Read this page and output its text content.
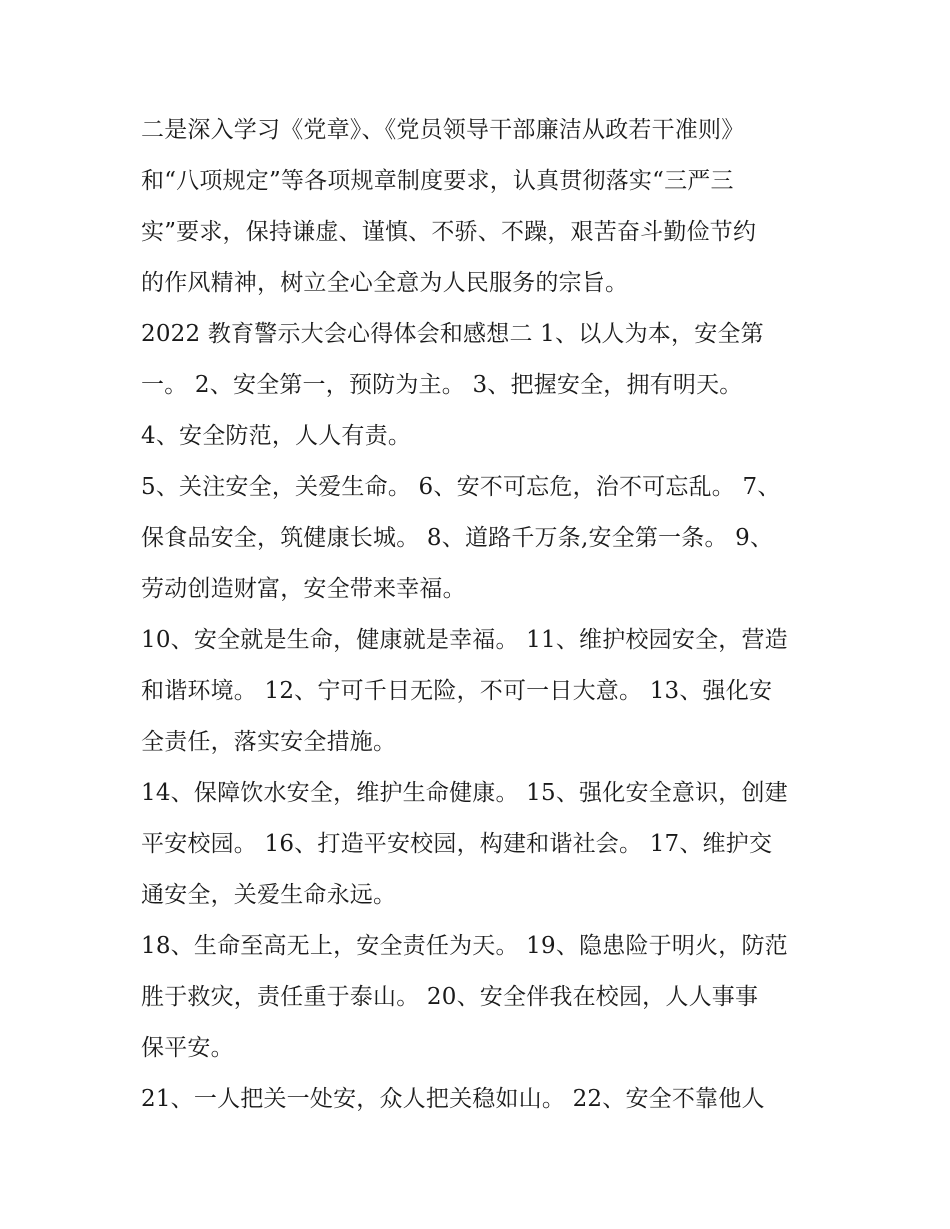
二是深入学习《党章》、《党员领导干部廉洁从政若干准则》
和“八项规定”等各项规章制度要求，认真贯彻落实“三严三
实”要求，保持谦虚、谨慎、不骄、不躁，艰苦奋斗勤俭节约
的作风精神，树立全心全意为人民服务的宗旨。
2022 教育警示大会心得体会和感想二 1、以人为本，安全第
一。 2、安全第一，预防为主。 3、把握安全，拥有明天。
4、安全防范，人人有责。
5、关注安全，关爱生命。 6、安不可忘危，治不可忘乱。 7、
保食品安全，筑健康长城。 8、道路千万条,安全第一条。 9、
劳动创造财富，安全带来幸福。
10、安全就是生命，健康就是幸福。 11、维护校园安全，营造
和谐环境。 12、宁可千日无险，不可一日大意。 13、强化安
全责任，落实安全措施。
14、保障饮水安全，维护生命健康。 15、强化安全意识，创建
平安校园。 16、打造平安校园，构建和谐社会。 17、维护交
通安全，关爱生命永远。
18、生命至高无上，安全责任为天。 19、隐患险于明火，防范
胜于救灾，责任重于泰山。 20、安全伴我在校园，人人事事
保平安。
21、一人把关一处安，众人把关稳如山。 22、安全不靠他人
